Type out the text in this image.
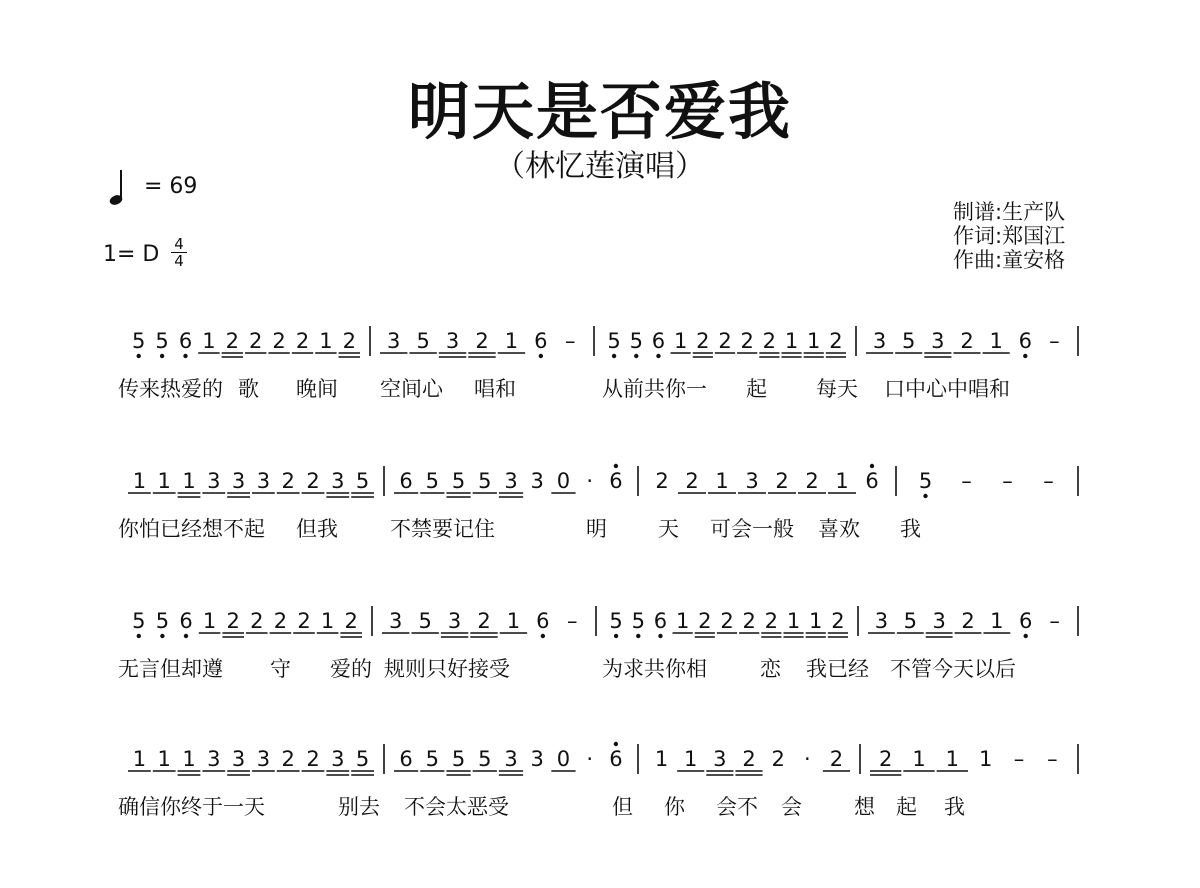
明天是否爱我
（林忆莲演唱）
= 69
1= D 4
4
制谱: 生产队
作词: 郑国江
作曲: 童安格
5 5 6 1 2 2 2 2 1 2 3 5 3 2 1 6 – 5 5 6 1 2 2 2 2 1 1 2 3 5 3 2 1 6 –
传来热爱的 歌 晚间 空间心 唱和	从前共你一 起 每天 口中心中唱和
1 1 1 3 3 3 2 2 3 5 6 5 5 5 3 3 0 · 6 2 2 1 3 2 2 1 6 5 – – –
你怕已经想不起 但我 不禁要记住	明 天 可会一般 喜欢 我
5 5 6 1 2 2 2 2 1 2 3 5 3 2 1 6 – 5 5 6 1 2 2 2 2 1 1 2 3 5 3 2 1 6 –
无言但却遵 守 爱的 规则只好接受	为求共你相	恋 我已经 不管今天以后
1 1 1 3 3 3 2 2 3 5 6 5 5 5 3 3 0 · 6 1 1 3 2 2 · 2 2 1 1 1 – –
确信你终于一天	别去 不会太恶受	但 你 会不 会 想 起 我
